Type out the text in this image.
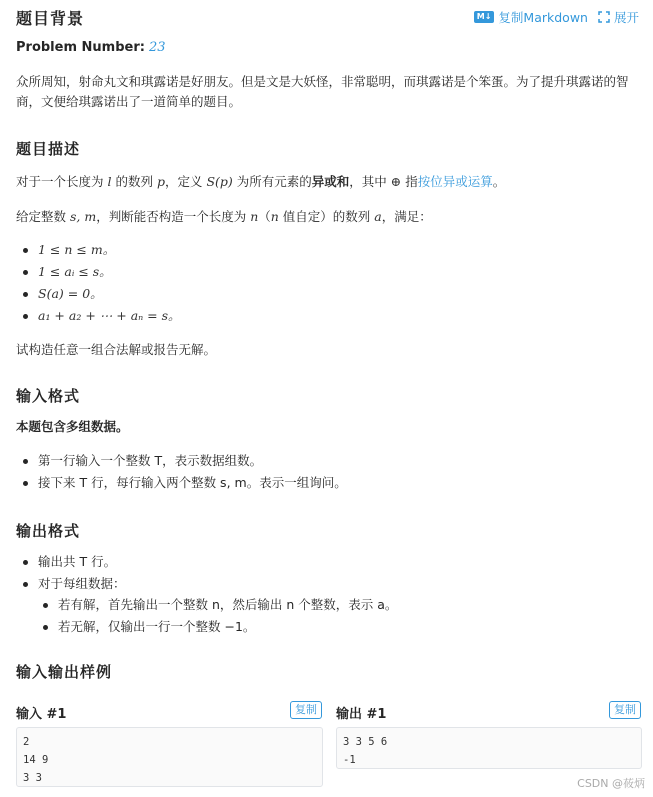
题目背景	M↓ 复制Markdown 展开
Problem Number: 23
众所周知，射命丸文和琪露诺是好朋友。但是文是大妖怪，非常聪明，而琪露诺是个笨蛋。为了提升琪露诺的智商，文便给琪露诺出了一道简单的题目。
题目描述
对于一个长度为 l 的数列 p，定义 S(p) 为所有元素的异或和，其中 ⊕ 指按位异或运算。
给定整数 s, m，判断能否构造一个长度为 n（n 值自定）的数列 a，满足：
1 ≤ n ≤ m。
1 ≤ aᵢ ≤ s。
S(a) = 0。
a₁ + a₂ + ⋯ + aₙ = s。
试构造任意一组合法解或报告无解。
输入格式
本题包含多组数据。
第一行输入一个整数 T，表示数据组数。
接下来 T 行，每行输入两个整数 s, m。表示一组询问。
输出格式
输出共 T 行。
对于每组数据：
若有解，首先输出一个整数 n，然后输出 n 个整数，表示 a。
若无解，仅输出一行一个整数 −1。
输入输出样例
输入 #1	复制
2
14 9
3 3
输出 #1	复制
3 3 5 6
-1
CSDN @莜炳
